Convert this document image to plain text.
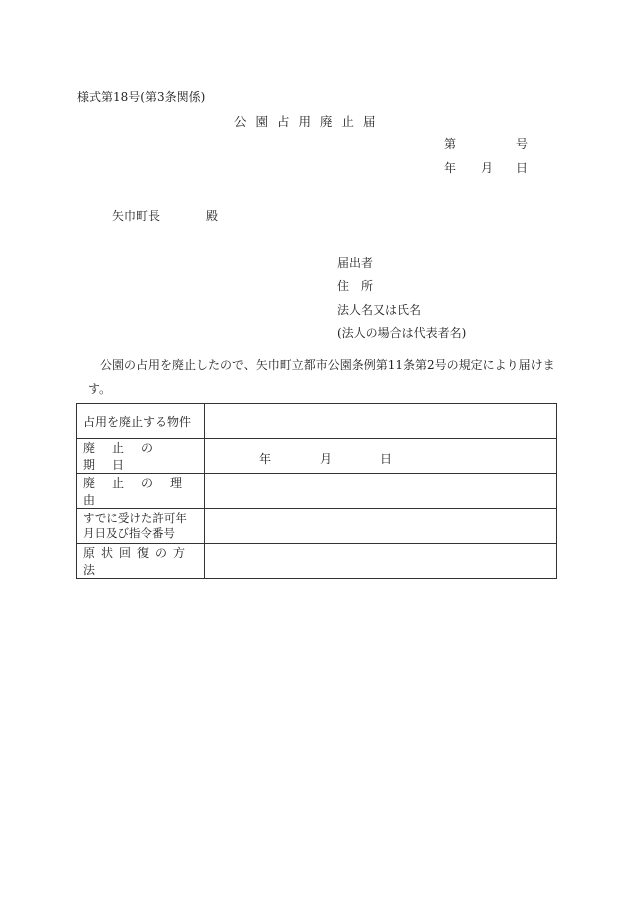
様式第18号(第3条関係)
公園占用廃止届
第	号
年 月 日
矢巾町長	殿
届出者
住所
法人名又は氏名
(法人の場合は代表者名)
公園の占用を廃止したので、矢巾町立都市公園条例第11条第2号の規定により届けま
す。
占用を廃止する物件	

廃止の期日	年 月 日

廃止の理由	

すでに受けた許可年
月日及び指令番号	

原状回復の方法	
